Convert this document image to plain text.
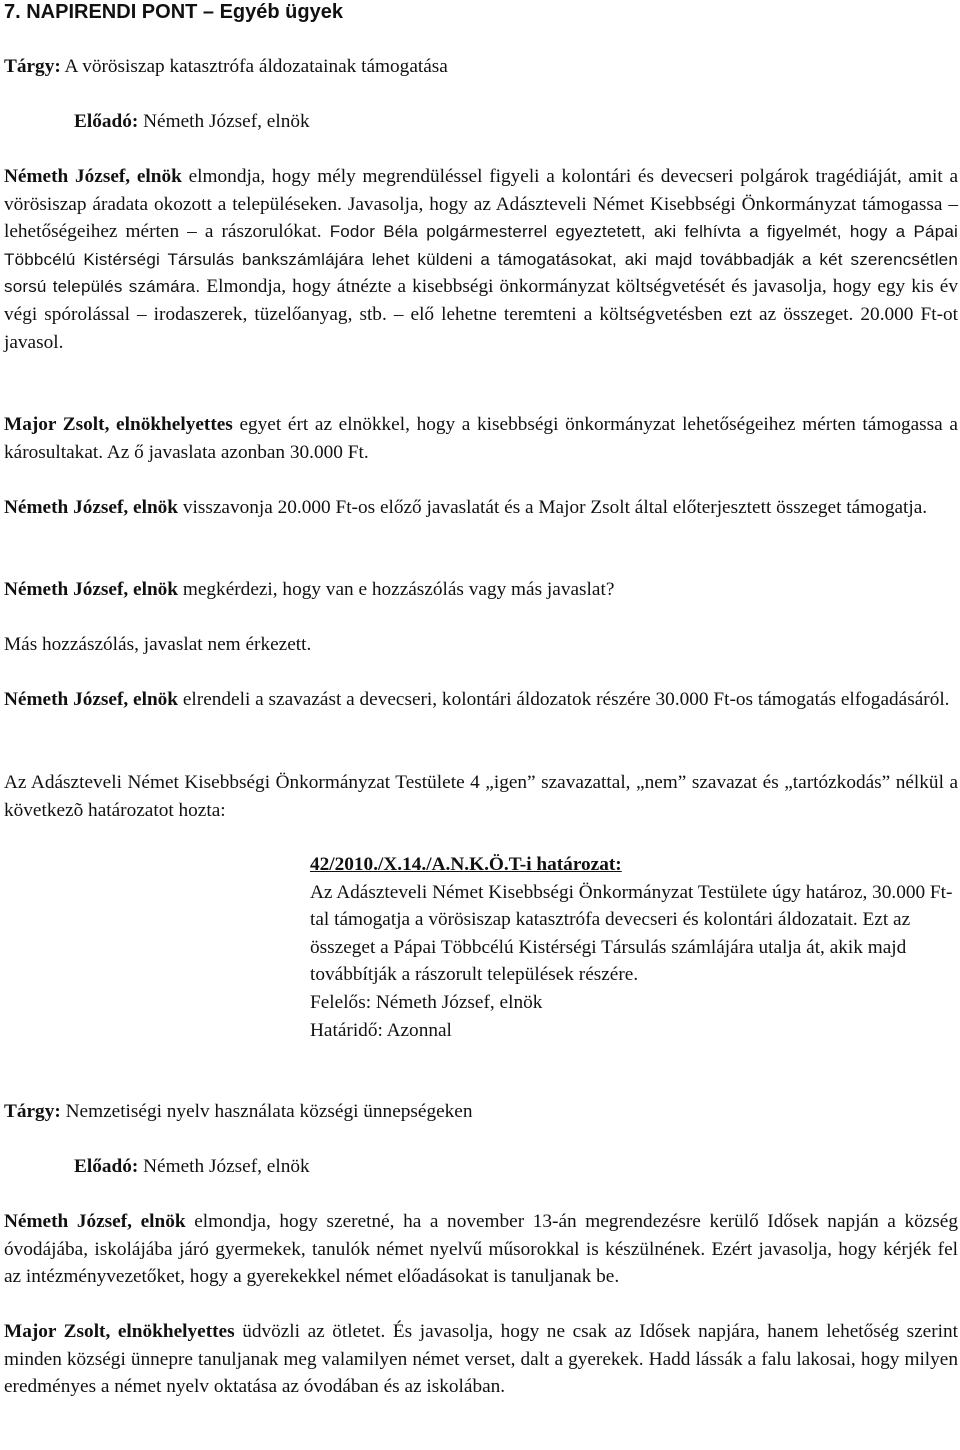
7. NAPIRENDI PONT – Egyéb ügyek

Tárgy: A vörösiszap katasztrófa áldozatainak támogatása

Előadó: Németh József, elnök

Németh József, elnök elmondja, hogy mély megrendüléssel figyeli a kolontári és devecseri polgárok tragédiáját, amit a vörösiszap áradata okozott a településeken. Javasolja, hogy az Adászteveli Német Kisebbségi Önkormányzat támogassa – lehetőségeihez mérten – a rászorulókat. Fodor Béla polgármesterrel egyeztetett, aki felhívta a figyelmét, hogy a Pápai Többcélú Kistérségi Társulás bankszámlájára lehet küldeni a támogatásokat, aki majd továbbadják a két szerencsétlen sorsú település számára. Elmondja, hogy átnézte a kisebbségi önkormányzat költségvetését és javasolja, hogy egy kis év végi spórolással – irodaszerek, tüzelőanyag, stb. – elő lehetne teremteni a költségvetésben ezt az összeget. 20.000 Ft-ot javasol.

Major Zsolt, elnökhelyettes egyet ért az elnökkel, hogy a kisebbségi önkormányzat lehetőségeihez mérten támogassa a károsultakat. Az ő javaslata azonban 30.000 Ft.

Németh József, elnök visszavonja 20.000 Ft-os előző javaslatát és a Major Zsolt által előterjesztett összeget támogatja.

Németh József, elnök megkérdezi, hogy van e hozzászólás vagy más javaslat?

Más hozzászólás, javaslat nem érkezett.

Németh József, elnök elrendeli a szavazást a devecseri, kolontári áldozatok részére 30.000 Ft-os támogatás elfogadásáról.

Az Adászteveli Német Kisebbségi Önkormányzat Testülete 4 „igen” szavazattal, „nem” szavazat és „tartózkodás” nélkül a következõ határozatot hozta:

42/2010./X.14./A.N.K.Ö.T-i határozat:
Az Adászteveli Német Kisebbségi Önkormányzat Testülete úgy határoz, 30.000 Ft-tal támogatja a vörösiszap katasztrófa devecseri és kolontári áldozatait. Ezt az összeget a Pápai Többcélú Kistérségi Társulás számlájára utalja át, akik majd továbbítják a rászorult települések részére.
Felelős: Németh József, elnök
Határidő: Azonnal

Tárgy: Nemzetiségi nyelv használata községi ünnepségeken

Előadó: Németh József, elnök

Németh József, elnök elmondja, hogy szeretné, ha a november 13-án megrendezésre kerülő Idősek napján a község óvodájába, iskolájába járó gyermekek, tanulók német nyelvű műsorokkal is készülnének. Ezért javasolja, hogy kérjék fel az intézményvezetőket, hogy a gyerekekkel német előadásokat is tanuljanak be.

Major Zsolt, elnökhelyettes üdvözli az ötletet. És javasolja, hogy ne csak az Idősek napjára, hanem lehetőség szerint minden községi ünnepre tanuljanak meg valamilyen német verset, dalt a gyerekek. Hadd lássák a falu lakosai, hogy milyen eredményes a német nyelv oktatása az óvodában és az iskolában.
